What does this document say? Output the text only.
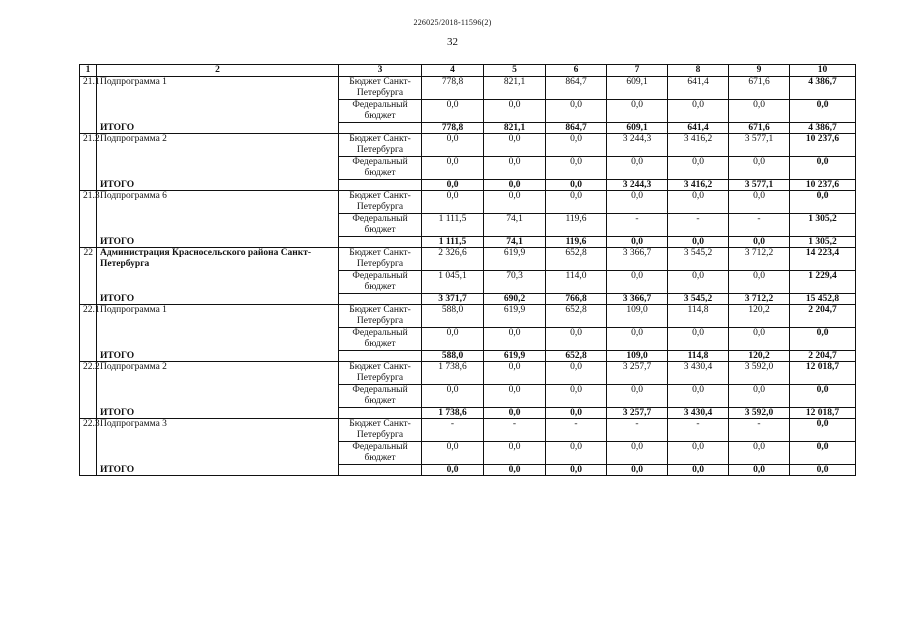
226025/2018-11596(2)
32
1	2	3	4	5	6	7	8	9	10
21.1	Подпрограмма 1	Бюджет Санкт-Петербурга	778,8	821,1	864,7	609,1	641,4	671,6	4 386,7
		Федеральный бюджет	0,0	0,0	0,0	0,0	0,0	0,0	0,0
	ИТОГО		778,8	821,1	864,7	609,1	641,4	671,6	4 386,7
21.2	Подпрограмма 2	Бюджет Санкт-Петербурга	0,0	0,0	0,0	3 244,3	3 416,2	3 577,1	10 237,6
		Федеральный бюджет	0,0	0,0	0,0	0,0	0,0	0,0	0,0
	ИТОГО		0,0	0,0	0,0	3 244,3	3 416,2	3 577,1	10 237,6
21.3	Подпрограмма 6	Бюджет Санкт-Петербурга	0,0	0,0	0,0	0,0	0,0	0,0	0,0
		Федеральный бюджет	1 111,5	74,1	119,6	-	-	-	1 305,2
	ИТОГО		1 111,5	74,1	119,6	0,0	0,0	0,0	1 305,2
22	Администрация Красносельского района Санкт-Петербурга	Бюджет Санкт-Петербурга	2 326,6	619,9	652,8	3 366,7	3 545,2	3 712,2	14 223,4
		Федеральный бюджет	1 045,1	70,3	114,0	0,0	0,0	0,0	1 229,4
	ИТОГО		3 371,7	690,2	766,8	3 366,7	3 545,2	3 712,2	15 452,8
22.1	Подпрограмма 1	Бюджет Санкт-Петербурга	588,0	619,9	652,8	109,0	114,8	120,2	2 204,7
		Федеральный бюджет	0,0	0,0	0,0	0,0	0,0	0,0	0,0
	ИТОГО		588,0	619,9	652,8	109,0	114,8	120,2	2 204,7
22.2	Подпрограмма 2	Бюджет Санкт-Петербурга	1 738,6	0,0	0,0	3 257,7	3 430,4	3 592,0	12 018,7
		Федеральный бюджет	0,0	0,0	0,0	0,0	0,0	0,0	0,0
	ИТОГО		1 738,6	0,0	0,0	3 257,7	3 430,4	3 592,0	12 018,7
22.3	Подпрограмма 3	Бюджет Санкт-Петербурга	-	-	-	-	-	-	0,0
		Федеральный бюджет	0,0	0,0	0,0	0,0	0,0	0,0	0,0
	ИТОГО		0,0	0,0	0,0	0,0	0,0	0,0	0,0
